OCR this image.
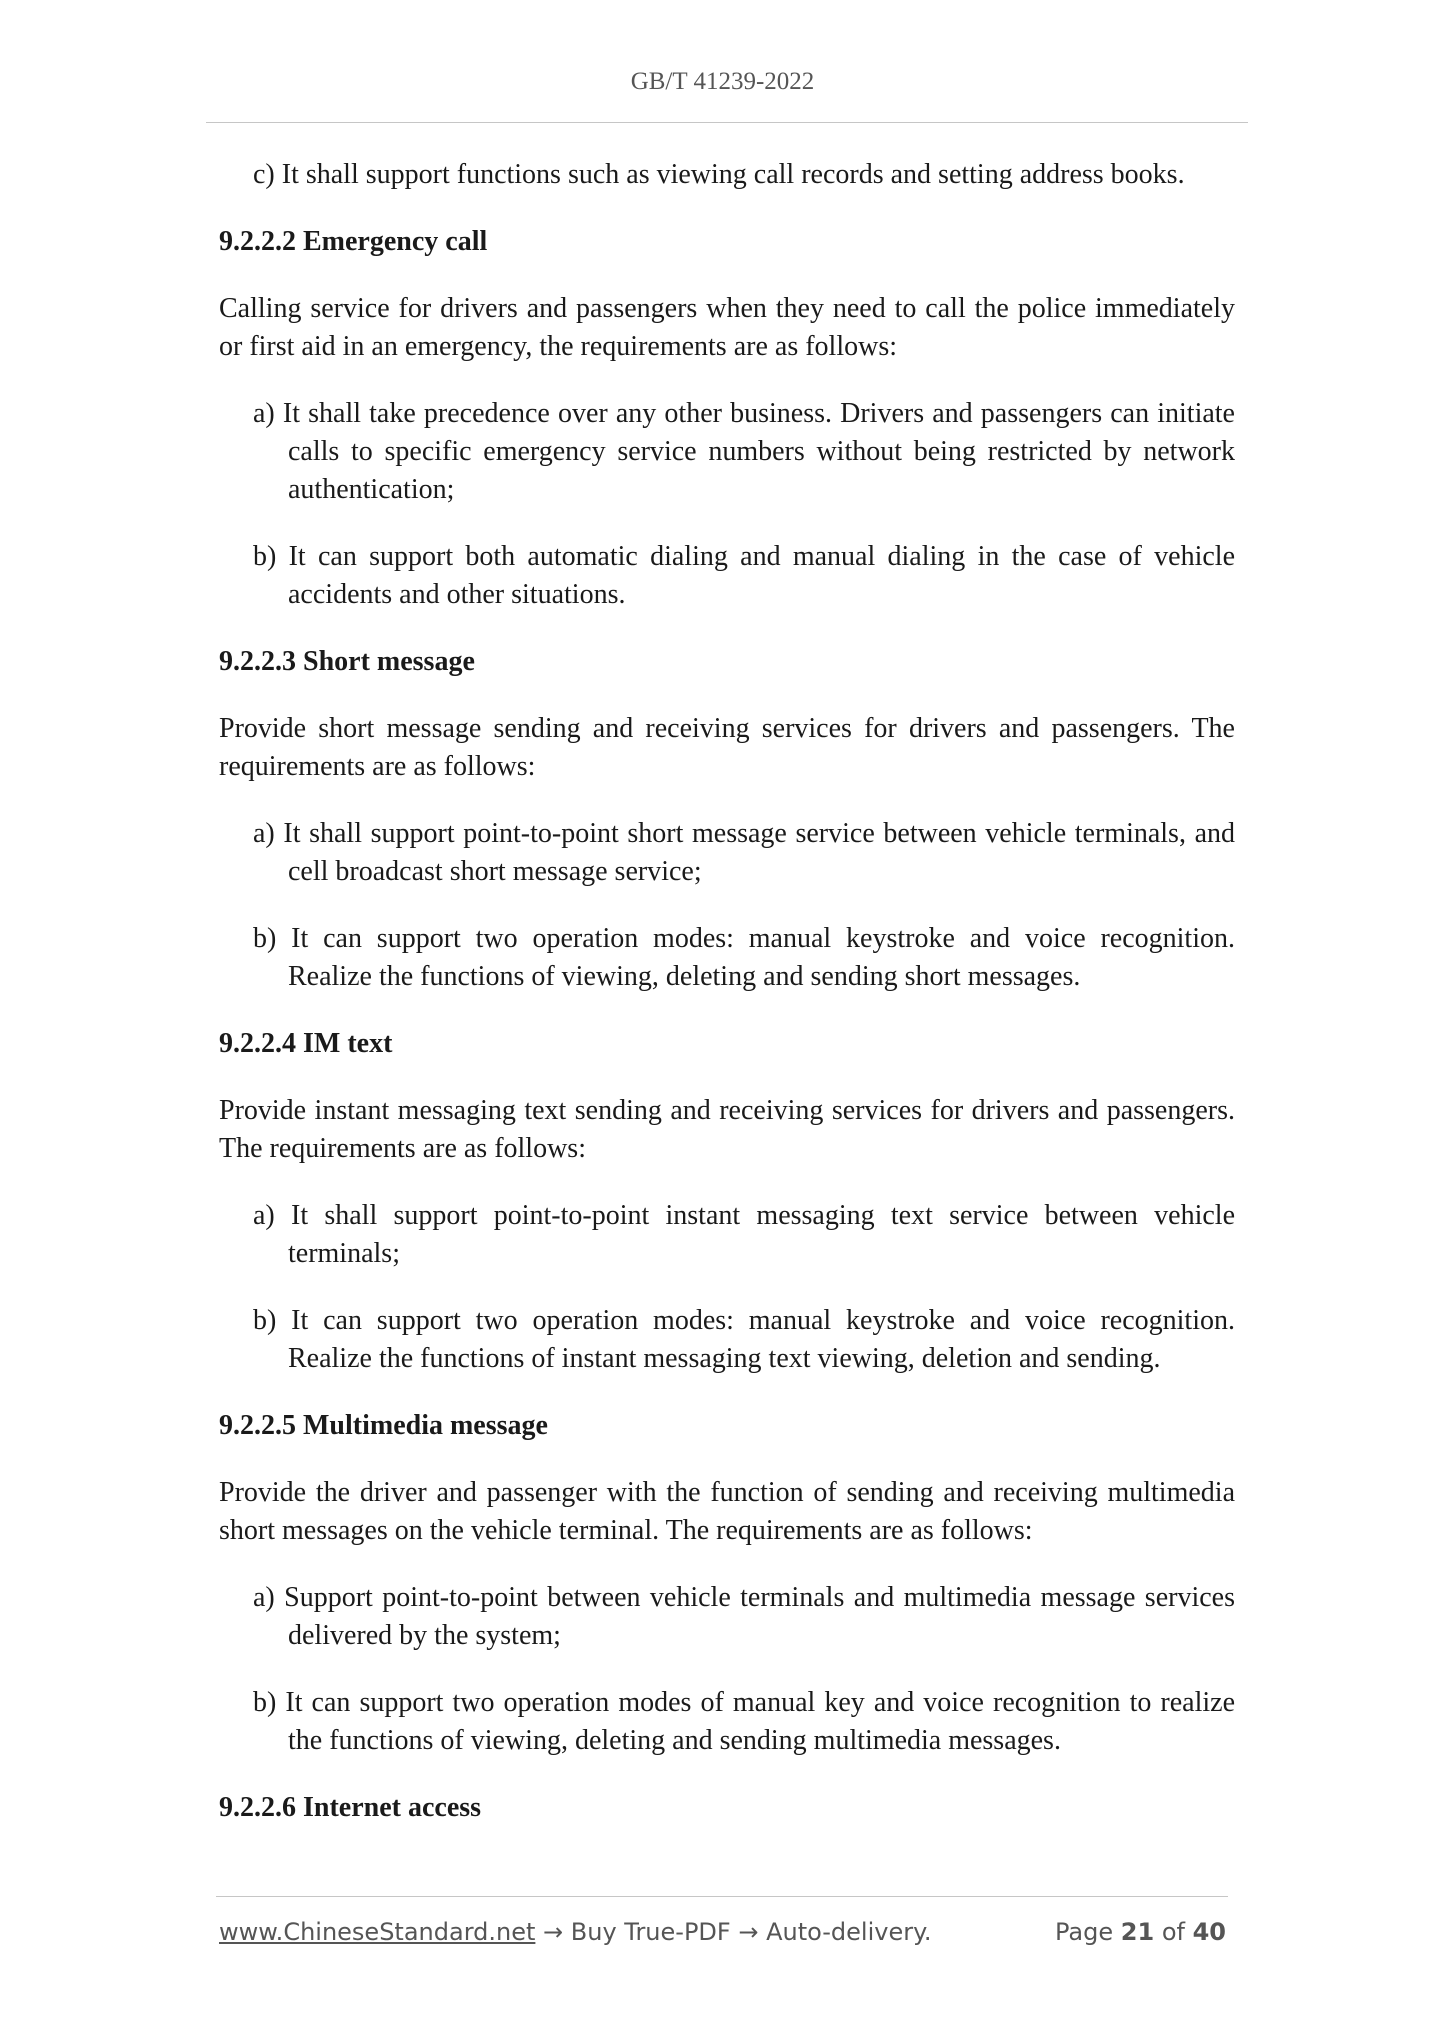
GB/T 41239-2022

c) It shall support functions such as viewing call records and setting address books.

9.2.2.2 Emergency call

Calling service for drivers and passengers when they need to call the police immediately or first aid in an emergency, the requirements are as follows:

a) It shall take precedence over any other business. Drivers and passengers can initiate calls to specific emergency service numbers without being restricted by network authentication;

b) It can support both automatic dialing and manual dialing in the case of vehicle accidents and other situations.

9.2.2.3 Short message

Provide short message sending and receiving services for drivers and passengers. The requirements are as follows:

a) It shall support point-to-point short message service between vehicle terminals, and cell broadcast short message service;

b) It can support two operation modes: manual keystroke and voice recognition. Realize the functions of viewing, deleting and sending short messages.

9.2.2.4 IM text

Provide instant messaging text sending and receiving services for drivers and passengers. The requirements are as follows:

a) It shall support point-to-point instant messaging text service between vehicle terminals;

b) It can support two operation modes: manual keystroke and voice recognition. Realize the functions of instant messaging text viewing, deletion and sending.

9.2.2.5 Multimedia message

Provide the driver and passenger with the function of sending and receiving multimedia short messages on the vehicle terminal. The requirements are as follows:

a) Support point-to-point between vehicle terminals and multimedia message services delivered by the system;

b) It can support two operation modes of manual key and voice recognition to realize the functions of viewing, deleting and sending multimedia messages.

9.2.2.6 Internet access

www.ChineseStandard.net → Buy True-PDF → Auto-delivery.	Page 21 of 40
